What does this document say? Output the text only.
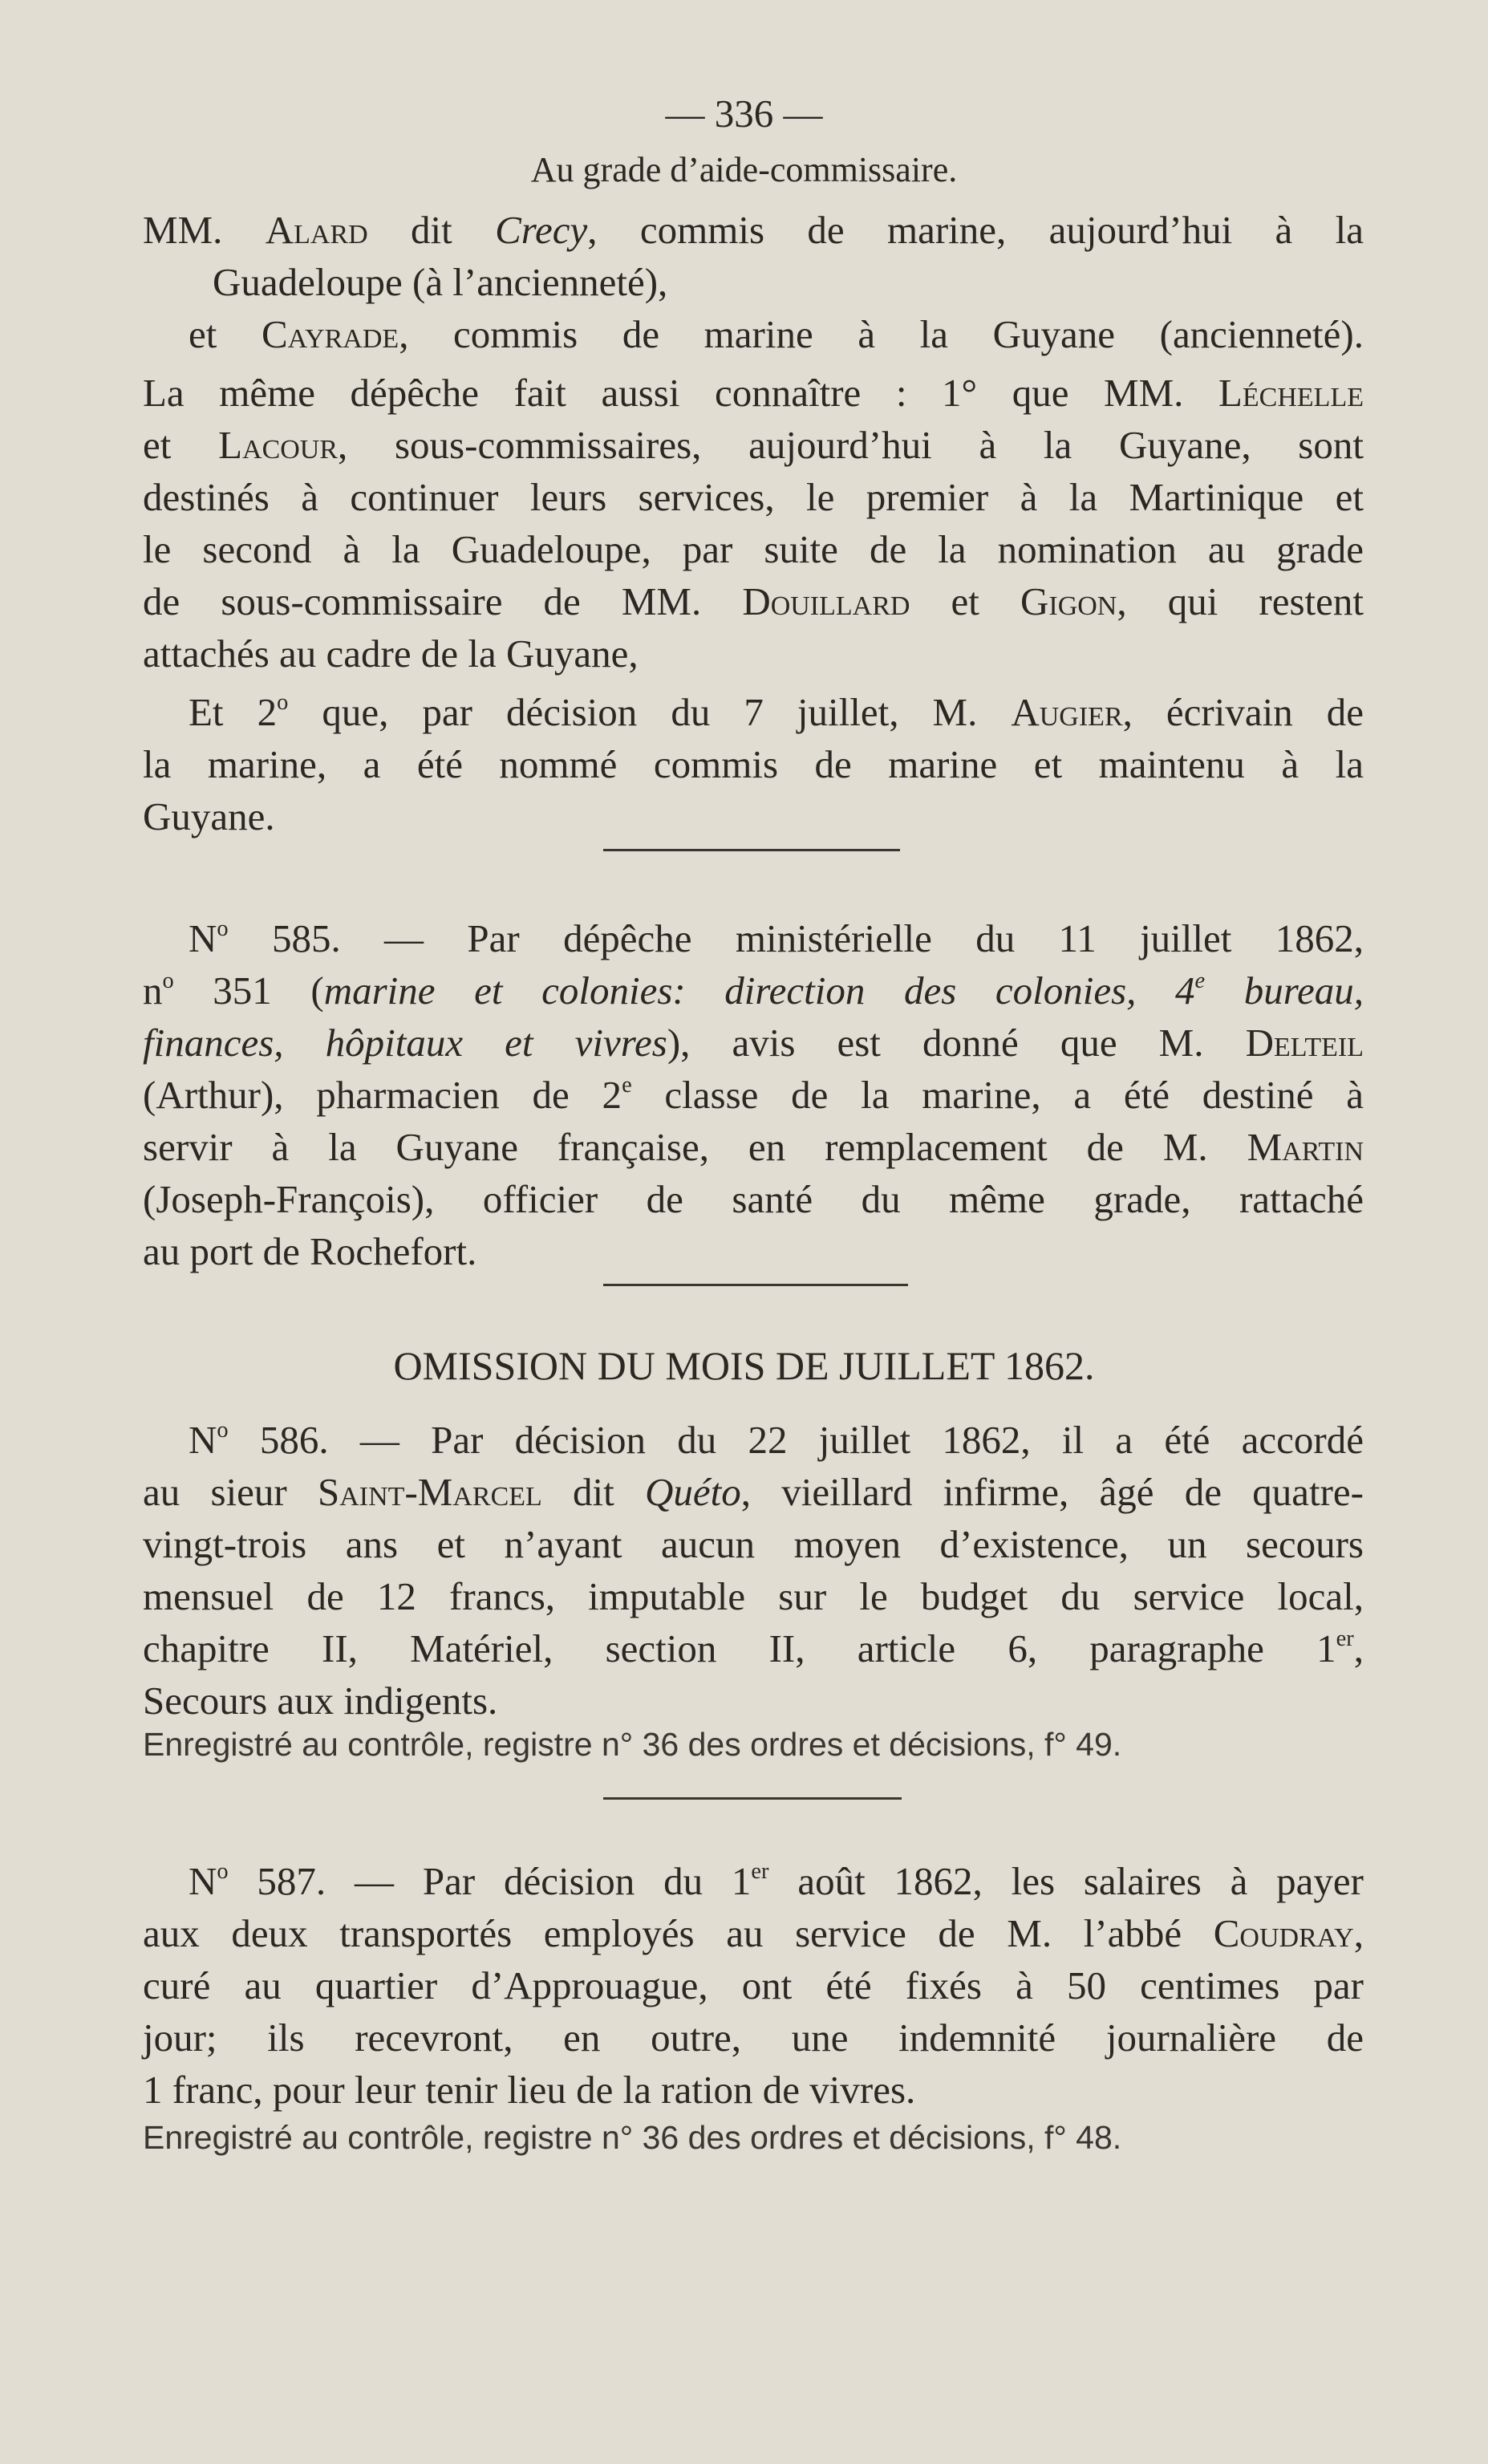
— 336 —
Au grade d’aide-commissaire.
MM. Alard dit Crecy, commis de marine, aujourd’hui à la
Guadeloupe (à l’ancienneté),
et Cayrade, commis de marine à la Guyane (ancienneté).
La même dépêche fait aussi connaître : 1° que MM. Léchelle
et Lacour, sous-commissaires, aujourd’hui à la Guyane, sont
destinés à continuer leurs services, le premier à la Martinique et
le second à la Guadeloupe, par suite de la nomination au grade
de sous-commissaire de MM. Douillard et Gigon, qui restent
attachés au cadre de la Guyane,
Et 2$^o$ que, par décision du 7 juillet, M. Augier, écrivain de
la marine, a été nommé commis de marine et maintenu à la
Guyane.
$N^o$ 585. — Par dépêche ministérielle du 11 juillet 1862,
$n^o$ 351 (marine et colonies: direction des colonies, 4e bureau,
finances, hôpitaux et vivres), avis est donné que M. Delteil
(Arthur), pharmacien de 2e classe de la marine, a été destiné à
servir à la Guyane française, en remplacement de M. Martin
(Joseph-François), officier de santé du même grade, rattaché
au port de Rochefort.
OMISSION DU MOIS DE JUILLET 1862.
$N^o$ 586. — Par décision du 22 juillet 1862, il a été accordé
au sieur Saint-Marcel dit Quéto, vieillard infirme, âgé de quatre-
vingt-trois ans et n’ayant aucun moyen d’existence, un secours
mensuel de 12 francs, imputable sur le budget du service local,
chapitre II, Matériel, section II, article 6, paragraphe 1er,
Secours aux indigents.
Enregistré au contrôle, registre n° 36 des ordres et décisions, f° 49.
$N^o$ 587. — Par décision du 1er août 1862, les salaires à payer
aux deux transportés employés au service de M. l’abbé Coudray,
curé au quartier d’Approuague, ont été fixés à 50 centimes par
jour; ils recevront, en outre, une indemnité journalière de
1 franc, pour leur tenir lieu de la ration de vivres.
Enregistré au contrôle, registre n° 36 des ordres et décisions, f° 48.
